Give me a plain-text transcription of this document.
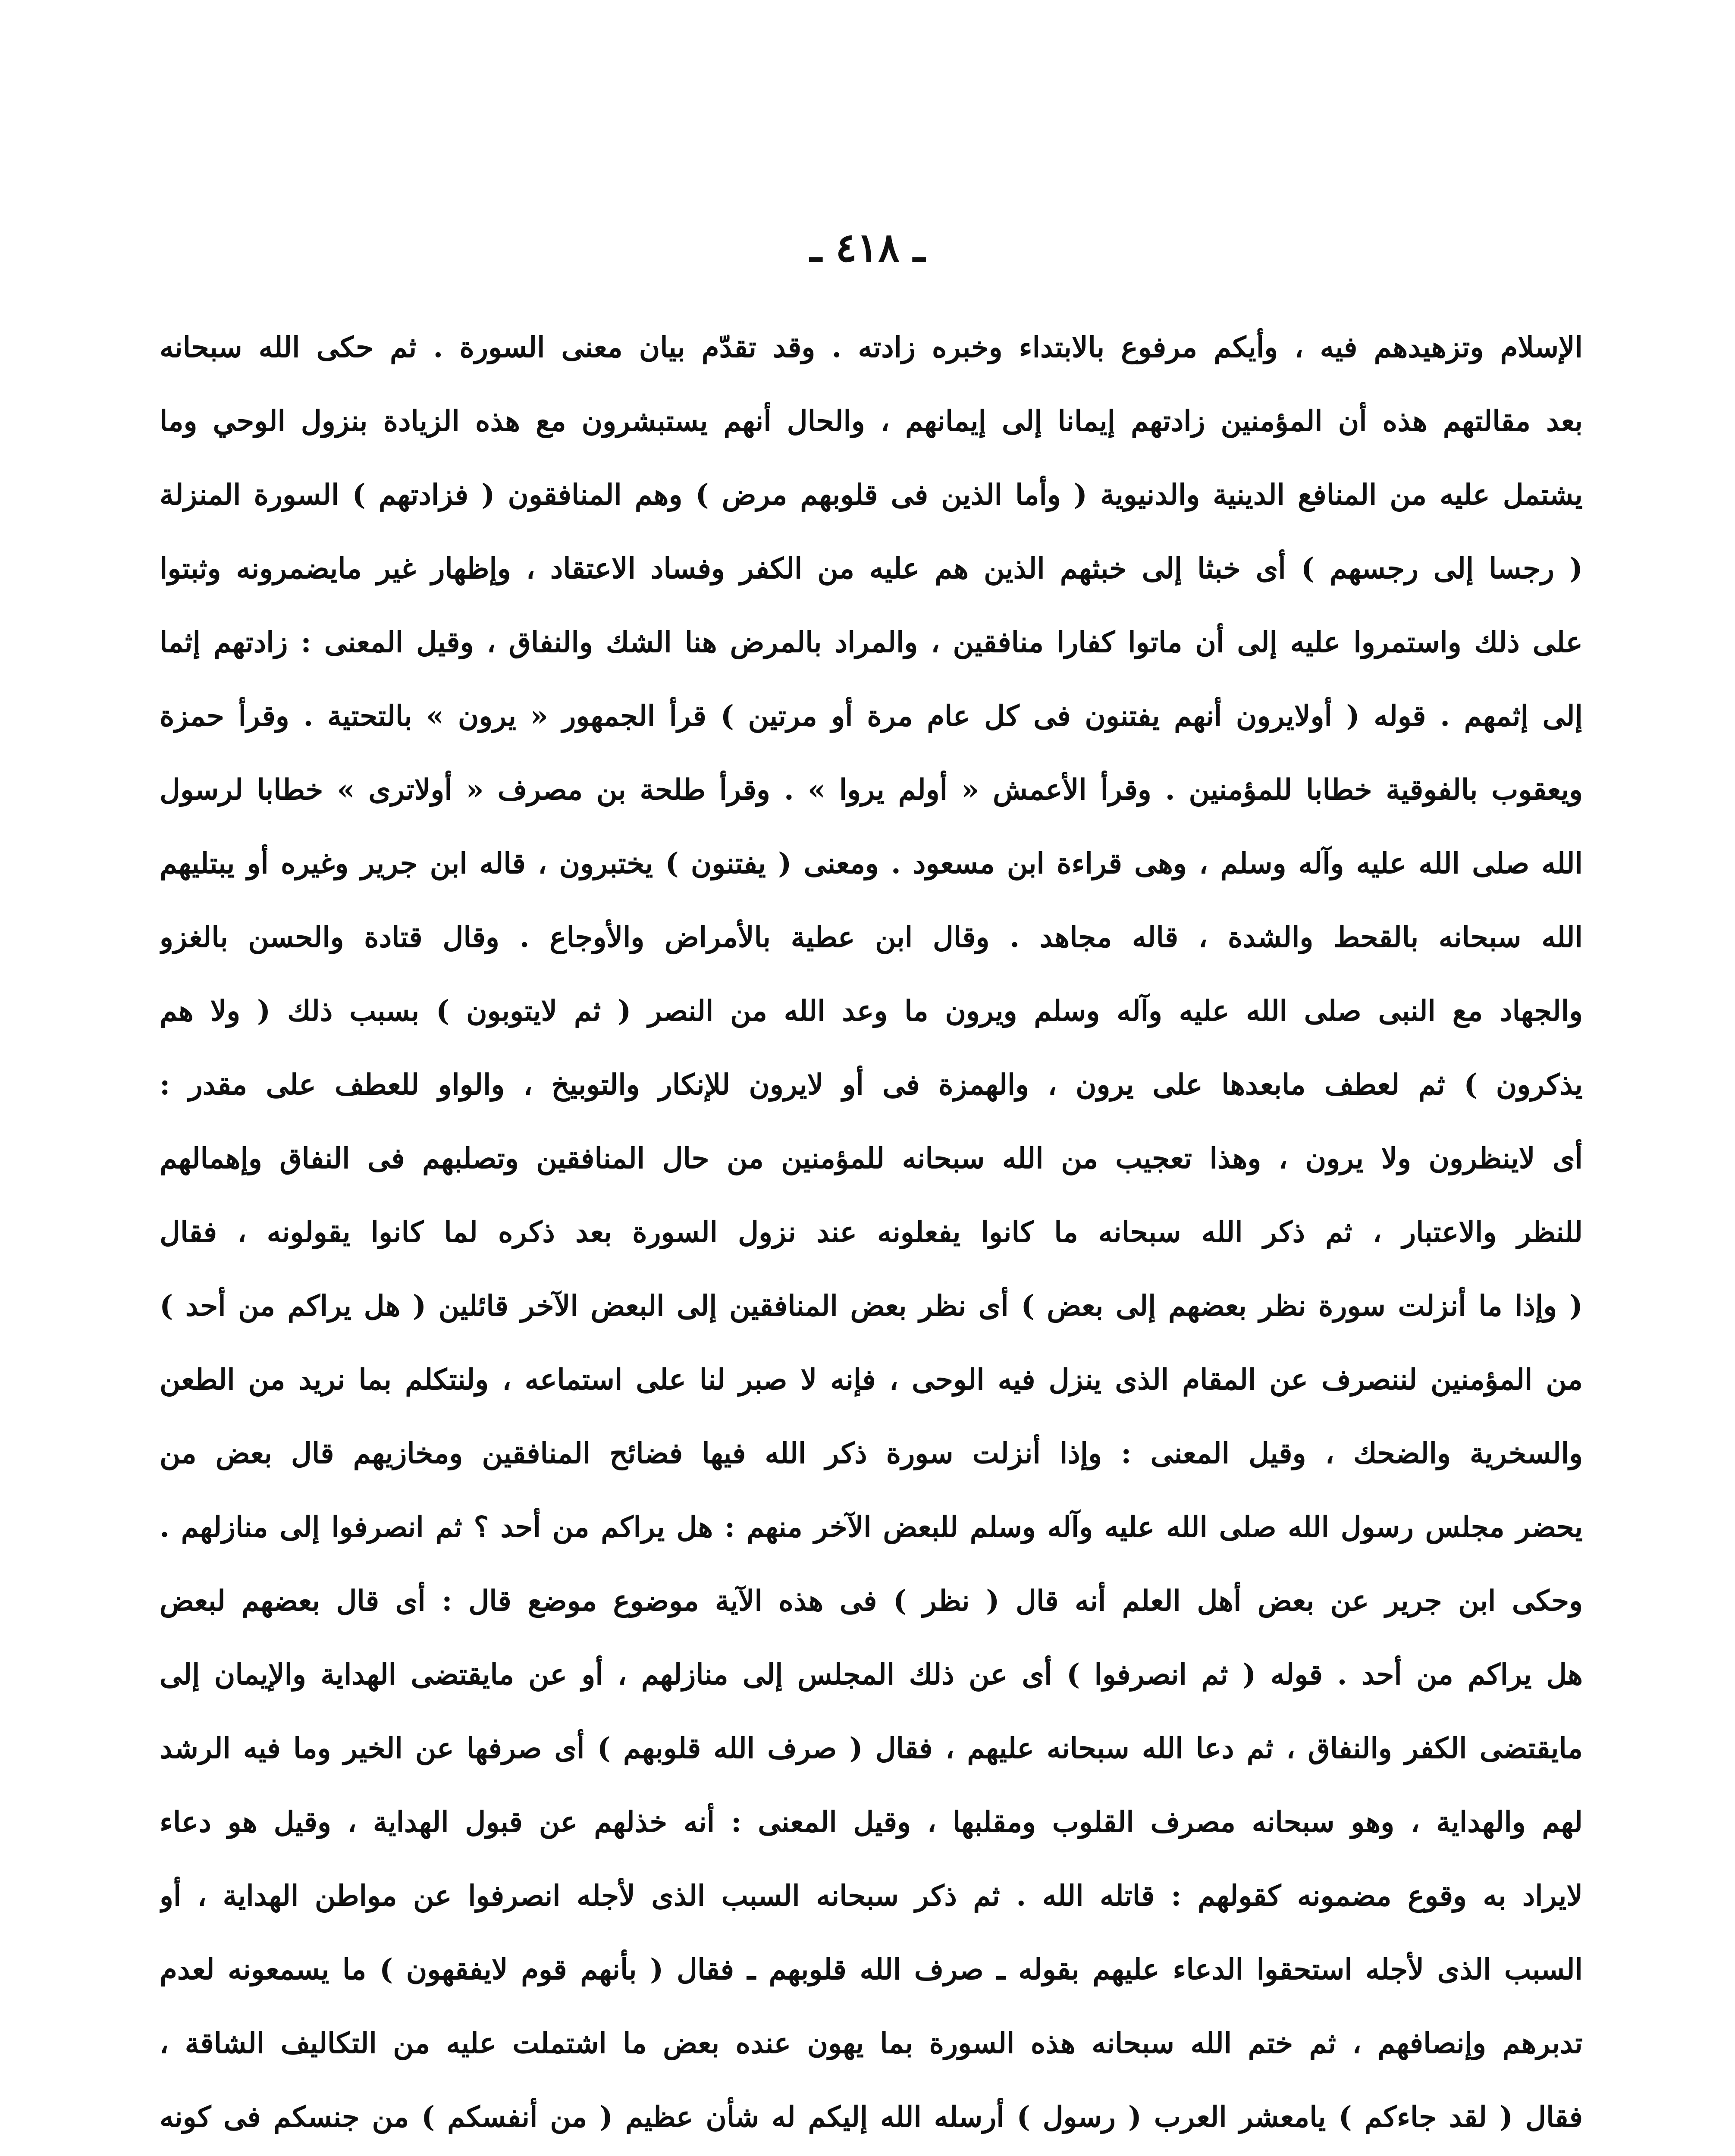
ـ ٤١٨ ـ
الإسلام وتزهيدهم فيه ، وأيكم مرفوع بالابتداء وخبره زادته . وقد تقدّم بيان معنى السورة . ثم حكى الله سبحانه
بعد مقالتهم هذه أن المؤمنين زادتهم إيمانا إلى إيمانهم ، والحال أنهم يستبشرون مع هذه الزيادة بنزول الوحي وما
يشتمل عليه من المنافع الدينية والدنيوية ( وأما الذين فى قلوبهم مرض ) وهم المنافقون ( فزادتهم ) السورة المنزلة
( رجسا إلى رجسهم ) أى خبثا إلى خبثهم الذين هم عليه من الكفر وفساد الاعتقاد ، وإظهار غير مايضمرونه وثبتوا
على ذلك واستمروا عليه إلى أن ماتوا كفارا منافقين ، والمراد بالمرض هنا الشك والنفاق ، وقيل المعنى : زادتهم إثما
إلى إثمهم . قوله ( أولايرون أنهم يفتنون فى كل عام مرة أو مرتين ) قرأ الجمهور « يرون » بالتحتية . وقرأ حمزة
ويعقوب بالفوقية خطابا للمؤمنين . وقرأ الأعمش « أولم يروا » . وقرأ طلحة بن مصرف « أولاترى » خطابا لرسول
الله صلى الله عليه وآله وسلم ، وهى قراءة ابن مسعود . ومعنى ( يفتنون ) يختبرون ، قاله ابن جرير وغيره أو يبتليهم
الله سبحانه بالقحط والشدة ، قاله مجاهد . وقال ابن عطية بالأمراض والأوجاع . وقال قتادة والحسن بالغزو
والجهاد مع النبى صلى الله عليه وآله وسلم ويرون ما وعد الله من النصر ( ثم لايتوبون ) بسبب ذلك ( ولا هم
يذكرون ) ثم لعطف مابعدها على يرون ، والهمزة فى أو لايرون للإنكار والتوبيخ ، والواو للعطف على مقدر :
أى لاينظرون ولا يرون ، وهذا تعجيب من الله سبحانه للمؤمنين من حال المنافقين وتصلبهم فى النفاق وإهمالهم
للنظر والاعتبار ، ثم ذكر الله سبحانه ما كانوا يفعلونه عند نزول السورة بعد ذكره لما كانوا يقولونه ، فقال
( وإذا ما أنزلت سورة نظر بعضهم إلى بعض ) أى نظر بعض المنافقين إلى البعض الآخر قائلين ( هل يراكم من أحد )
من المؤمنين لننصرف عن المقام الذى ينزل فيه الوحى ، فإنه لا صبر لنا على استماعه ، ولنتكلم بما نريد من الطعن
والسخرية والضحك ، وقيل المعنى : وإذا أنزلت سورة ذكر الله فيها فضائح المنافقين ومخازيهم قال بعض من
يحضر مجلس رسول الله صلى الله عليه وآله وسلم للبعض الآخر منهم : هل يراكم من أحد ؟ ثم انصرفوا إلى منازلهم .
وحكى ابن جرير عن بعض أهل العلم أنه قال ( نظر ) فى هذه الآية موضوع موضع قال : أى قال بعضهم لبعض
هل يراكم من أحد . قوله ( ثم انصرفوا ) أى عن ذلك المجلس إلى منازلهم ، أو عن مايقتضى الهداية والإيمان إلى
مايقتضى الكفر والنفاق ، ثم دعا الله سبحانه عليهم ، فقال ( صرف الله قلوبهم ) أى صرفها عن الخير وما فيه الرشد
لهم والهداية ، وهو سبحانه مصرف القلوب ومقلبها ، وقيل المعنى : أنه خذلهم عن قبول الهداية ، وقيل هو دعاء
لايراد به وقوع مضمونه كقولهم : قاتله الله . ثم ذكر سبحانه السبب الذى لأجله انصرفوا عن مواطن الهداية ، أو
السبب الذى لأجله استحقوا الدعاء عليهم بقوله ـ صرف الله قلوبهم ـ فقال ( بأنهم قوم لايفقهون ) ما يسمعونه لعدم
تدبرهم وإنصافهم ، ثم ختم الله سبحانه هذه السورة بما يهون عنده بعض ما اشتملت عليه من التكاليف الشاقة ،
فقال ( لقد جاءكم ) يامعشر العرب ( رسول ) أرسله الله إليكم له شأن عظيم ( من أنفسكم ) من جنسكم فى كونه
